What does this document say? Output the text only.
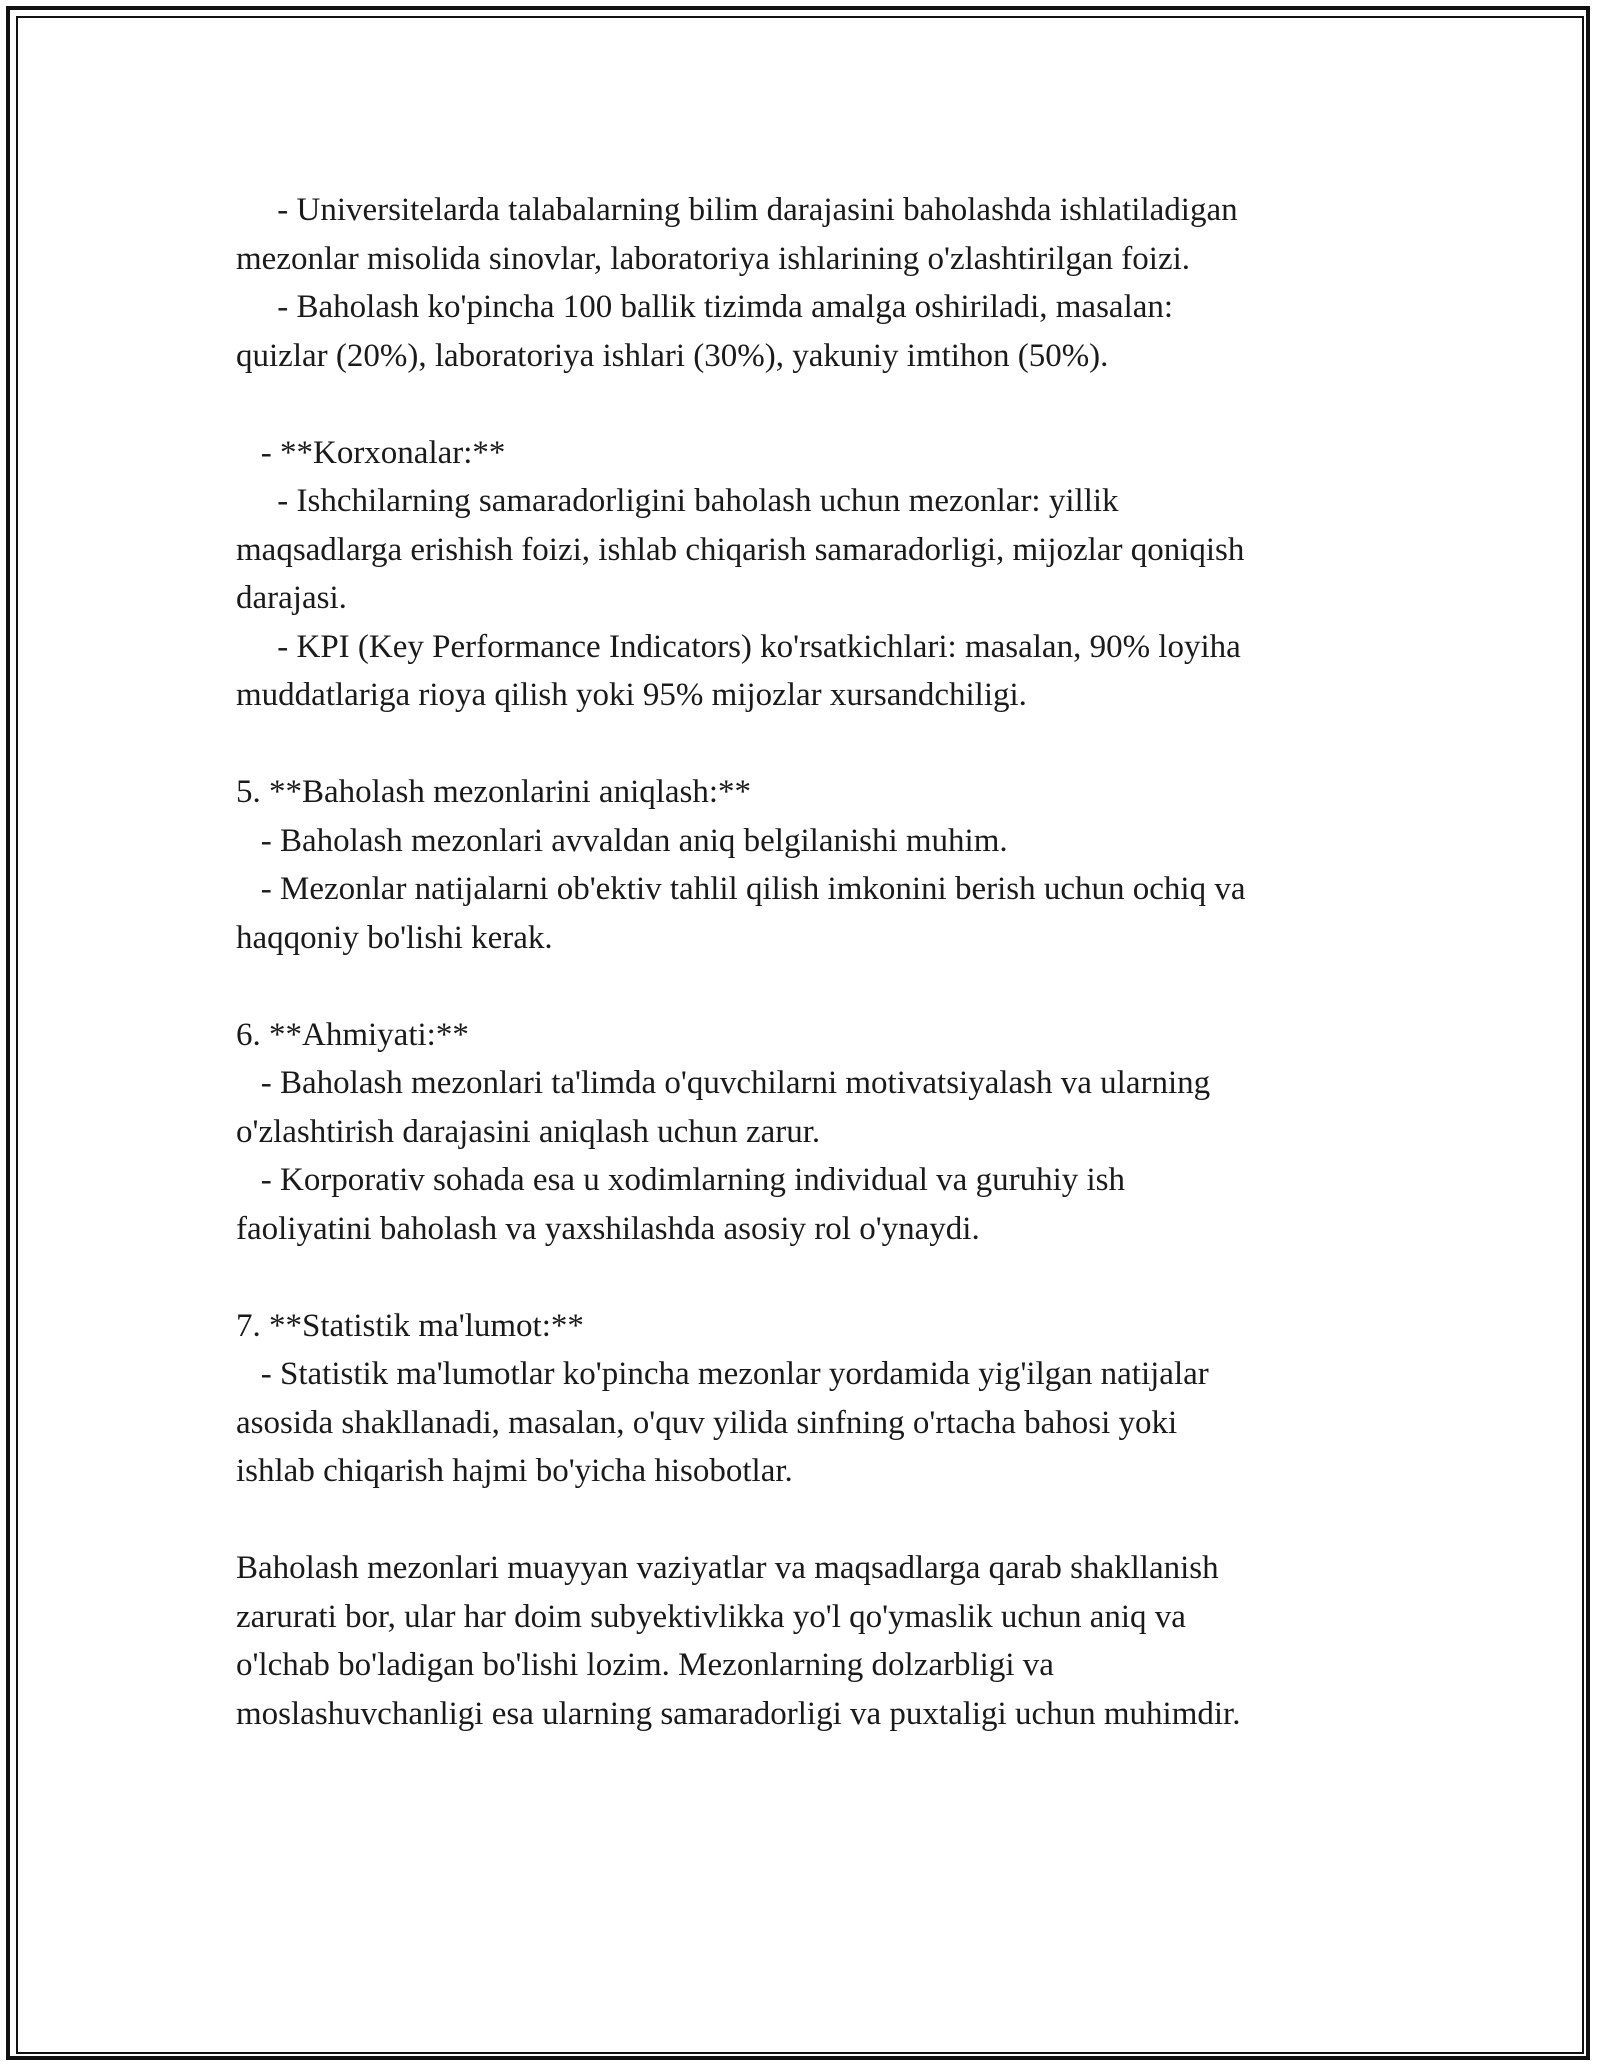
- Universitelarda talabalarning bilim darajasini baholashda ishlatiladigan

mezonlar misolida sinovlar, laboratoriya ishlarining o'zlashtirilgan foizi.

- Baholash ko'pincha 100 ballik tizimda amalga oshiriladi, masalan:

quizlar (20%), laboratoriya ishlari (30%), yakuniy imtihon (50%).

- **Korxonalar:**

- Ishchilarning samaradorligini baholash uchun mezonlar: yillik

maqsadlarga erishish foizi, ishlab chiqarish samaradorligi, mijozlar qoniqish

darajasi.

- KPI (Key Performance Indicators) ko'rsatkichlari: masalan, 90% loyiha

muddatlariga rioya qilish yoki 95% mijozlar xursandchiligi.

5. **Baholash mezonlarini aniqlash:**

- Baholash mezonlari avvaldan aniq belgilanishi muhim.

- Mezonlar natijalarni ob'ektiv tahlil qilish imkonini berish uchun ochiq va

haqqoniy bo'lishi kerak.

6. **Ahmiyati:**

- Baholash mezonlari ta'limda o'quvchilarni motivatsiyalash va ularning

o'zlashtirish darajasini aniqlash uchun zarur.

- Korporativ sohada esa u xodimlarning individual va guruhiy ish

faoliyatini baholash va yaxshilashda asosiy rol o'ynaydi.

7. **Statistik ma'lumot:**

- Statistik ma'lumotlar ko'pincha mezonlar yordamida yig'ilgan natijalar

asosida shakllanadi, masalan, o'quv yilida sinfning o'rtacha bahosi yoki

ishlab chiqarish hajmi bo'yicha hisobotlar.

Baholash mezonlari muayyan vaziyatlar va maqsadlarga qarab shakllanish

zarurati bor, ular har doim subyektivlikka yo'l qo'ymaslik uchun aniq va

o'lchab bo'ladigan bo'lishi lozim. Mezonlarning dolzarbligi va

moslashuvchanligi esa ularning samaradorligi va puxtaligi uchun muhimdir.
